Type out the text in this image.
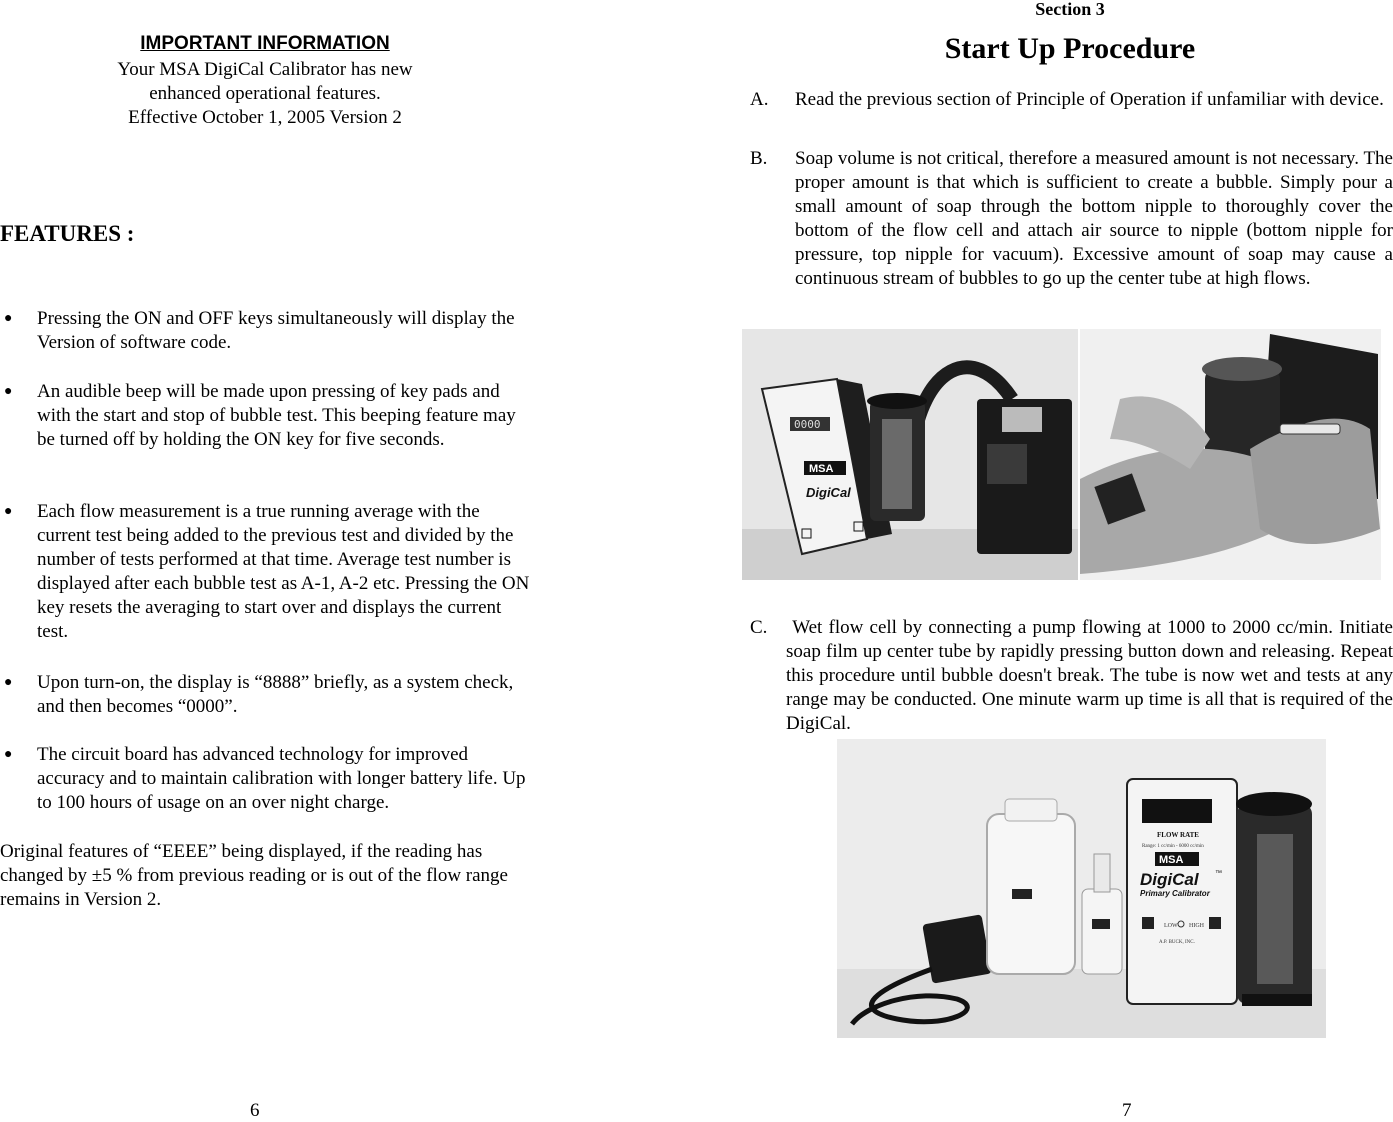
IMPORTANT INFORMATION
Your MSA DigiCal Calibrator has new
enhanced operational features.
Effective October 1, 2005 Version 2
FEATURES :
● Pressing the ON and OFF keys simultaneously will display the Version of software code.
● An audible beep will be made upon pressing of key pads and with the start and stop of bubble test. This beeping feature may be turned off by holding the ON key for five seconds.
● Each flow measurement is a true running average with the current test being added to the previous test and divided by the number of tests performed at that time. Average test number is displayed after each bubble test as A-1, A-2 etc. Pressing the ON key resets the averaging to start over and displays the current test.
● Upon turn-on, the display is “8888” briefly, as a system check, and then becomes “0000”.
● The circuit board has advanced technology for improved accuracy and to maintain calibration with longer battery life. Up to 100 hours of usage on an over night charge.
Original features of “EEEE” being displayed, if the reading has changed by ±5 % from previous reading or is out of the flow range remains in Version 2.
6
Section 3
Start Up Procedure
A. Read the previous section of Principle of Operation if unfamiliar with device.
B. Soap volume is not critical, therefore a measured amount is not necessary. The proper amount is that which is sufficient to create a bubble. Simply pour a small amount of soap through the bottom nipple to thoroughly cover the bottom of the flow cell and attach air source to nipple (bottom nipple for pressure, top nipple for vacuum). Excessive amount of soap may cause a continuous stream of bubbles to go up the center tube at high flows.
0000
MSA
DigiCal
C. Wet flow cell by connecting a pump flowing at 1000 to 2000 cc/min. Initiate soap film up center tube by rapidly pressing button down and releasing. Repeat this procedure until bubble doesn't break. The tube is now wet and tests at any range may be conducted. One minute warm up time is all that is required of the DigiCal.
FLOW RATE
Range: 1 cc/min - 6000 cc/min
MSA
DigiCal ™
Primary Calibrator
LOW HIGH
A.P. BUCK, INC.
7
